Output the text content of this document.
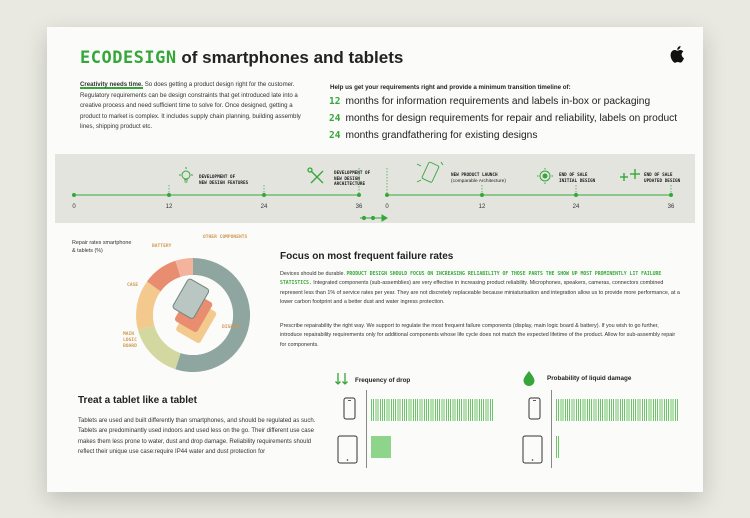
ECODESIGN of smartphones and tablets
Creativity needs time. So does getting a product design right for the customer. Regulatory requirements can be design constraints that get introduced late into a creative process and need sufficient time to solve for. Once designed, getting a product to market is complex. It includes supply chain planning, building assembly lines, shipping product etc.
Help us get your requirements right and provide a minimum transition timeline of:
12 months for information requirements and labels in-box or packaging
24 months for design requirements for repair and reliability, labels on product
24 months grandfathering for existing designs
0	12	24	36	0	12	24	36
DEVELOPMENT OF
NEW DESIGN FEATURES
DEVELOPMENT OF
NEW DESIGN
ARCHITECTURE
NEW PRODUCT LAUNCH
(comparable Architecture)
END OF SALE
INITIAL DESIGN
END OF SALE
UPDATED DESIGN
Repair rates smartphone
& tablets (%)
OTHER COMPONENTS
BATTERY
CASE
MAIN
LOGIC
BOARD
DISPLAY
Focus on most frequent failure rates
Devices should be durable. PRODUCT DESIGN SHOULD FOCUS ON INCREASING RELIABILITY OF THOSE PARTS THE SHOW UP MOST PROMINENTLY LIT FAILURE STATISTICS. Integrated components (sub-assemblies) are very effective in increasing product reliability. Microphones, speakers, cameras, connectors combined represent less than 1% of service rates per year. They are not discretely replaceable because miniaturisation and integration allow us to provide more performance, at a lower carbon footprint and a better dust and water ingress protection.
Prescribe repairability the right way. We support to regulate the most frequent failure components (display, main logic board & battery). If you wish to go further, introduce repairability requirements only for additional components whose life cycle does not match the expected lifetime of the product. Allow for sub-assembly repair for components.
Treat a tablet like a tablet
Tablets are used and built differently than smartphones, and should be regulated as such. Tablets are predominantly used indoors and used less on the go. Their different use case makes them less prone to water, dust and drop damage. Reliability requirements should reflect their unique use case:require IP44 water and dust protection for
Frequency of drop	Probability of liquid damage
